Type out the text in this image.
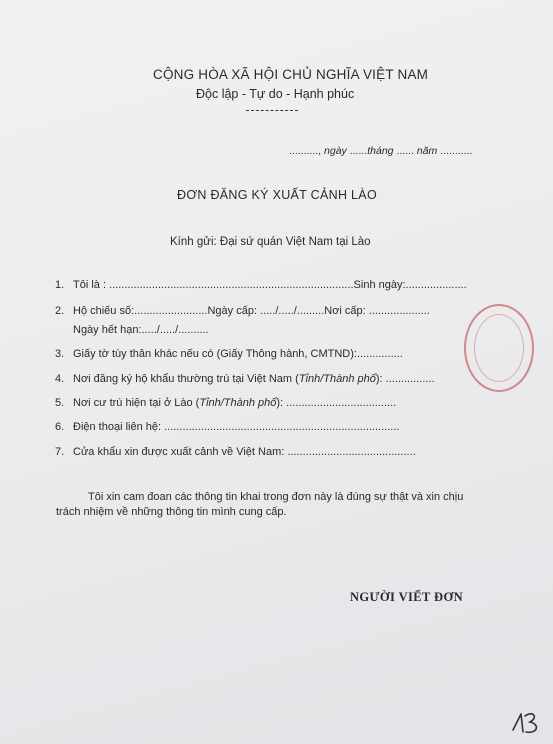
CỘNG HÒA XÃ HỘI CHỦ NGHĨA VIỆT NAM
Độc lập - Tự do - Hạnh phúc
.........., ngày ......tháng ...... năm ...........
ĐƠN ĐĂNG KÝ XUẤT CẢNH LÀO
Kính gửi: Đại sứ quán Việt Nam tại Lào
1. Tôi là : ................................................................................Sinh ngày:....................
2. Hộ chiếu số:........................Ngày cấp: ...../...../.........Nơi cấp: ....................
Ngày hết hạn:...../...../..........
3. Giấy tờ tùy thân khác nếu có (Giấy Thông hành, CMTND):...............
4. Nơi đăng ký hộ khẩu thường trú tại Việt Nam (Tỉnh/Thành phố): ................
5. Nơi cư trú hiện tại ở Lào (Tỉnh/Thành phố): ....................................
6. Điện thoại liên hệ: .............................................................................
7. Cửa khẩu xin được xuất cảnh về Việt Nam: ..........................................
Tôi xin cam đoan các thông tin khai trong đơn này là đúng sự thật và xin chịu
trách nhiệm về những thông tin mình cung cấp.
NGƯỜI VIẾT ĐƠN
